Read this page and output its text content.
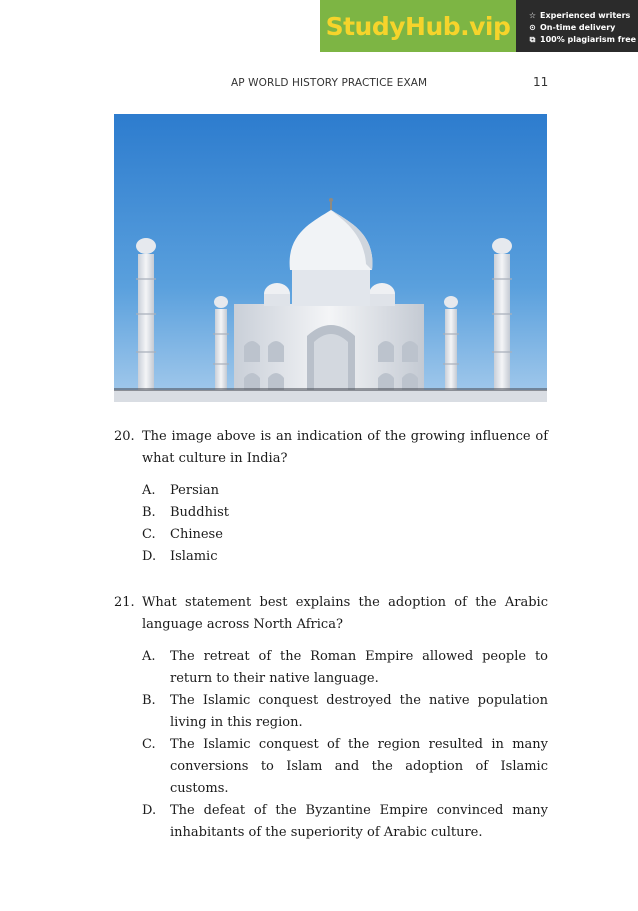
StudyHub.vip	☆ Experienced writers
⊙ On-time delivery
⧉ 100% plagiarism free
AP WORLD HISTORY PRACTICE EXAM	11
20. The image above is an indication of the growing influence of what culture in India?
A.	Persian
B.	Buddhist
C.	Chinese
D.	Islamic
21. What statement best explains the adoption of the Arabic language across North Africa?
A.	The retreat of the Roman Empire allowed people to return to their native language.
B.	The Islamic conquest destroyed the native population living in this region.
C.	The Islamic conquest of the region resulted in many conversions to Islam and the adoption of Islamic customs.
D.	The defeat of the Byzantine Empire convinced many inhabitants of the superiority of Arabic culture.
